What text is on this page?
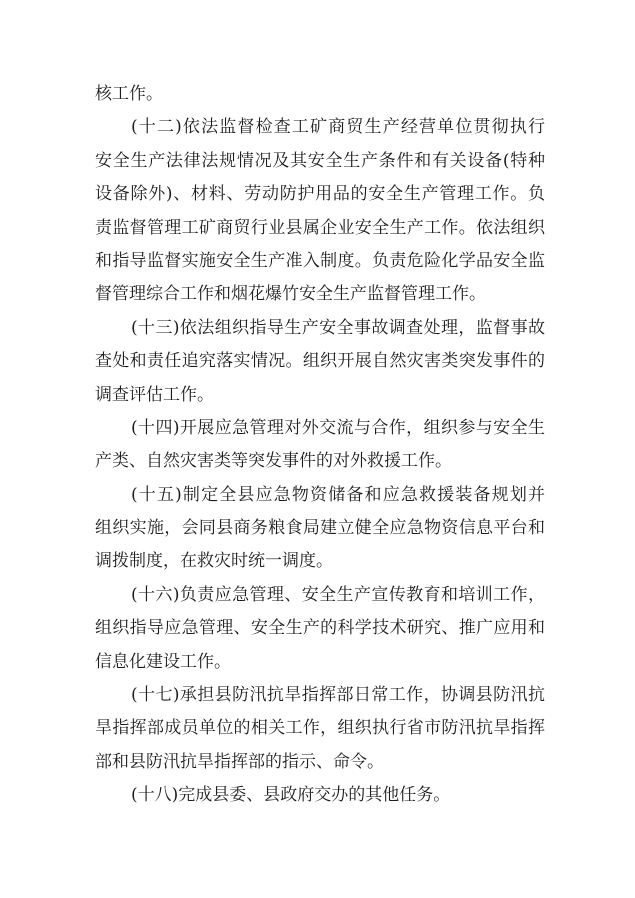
核工作。
(十二)依法监督检查工矿商贸生产经营单位贯彻执行
安全生产法律法规情况及其安全生产条件和有关设备(特种
设备除外)、材料、劳动防护用品的安全生产管理工作。负
责监督管理工矿商贸行业县属企业安全生产工作。依法组织
和指导监督实施安全生产准入制度。负责危险化学品安全监
督管理综合工作和烟花爆竹安全生产监督管理工作。
(十三)依法组织指导生产安全事故调查处理，监督事故
查处和责任追究落实情况。组织开展自然灾害类突发事件的
调查评估工作。
(十四)开展应急管理对外交流与合作，组织参与安全生
产类、自然灾害类等突发事件的对外救援工作。
(十五)制定全县应急物资储备和应急救援装备规划并
组织实施，会同县商务粮食局建立健全应急物资信息平台和
调拨制度，在救灾时统一调度。
(十六)负责应急管理、安全生产宣传教育和培训工作，
组织指导应急管理、安全生产的科学技术研究、推广应用和
信息化建设工作。
(十七)承担县防汛抗旱指挥部日常工作，协调县防汛抗
旱指挥部成员单位的相关工作，组织执行省市防汛抗旱指挥
部和县防汛抗旱指挥部的指示、命令。
(十八)完成县委、县政府交办的其他任务。
